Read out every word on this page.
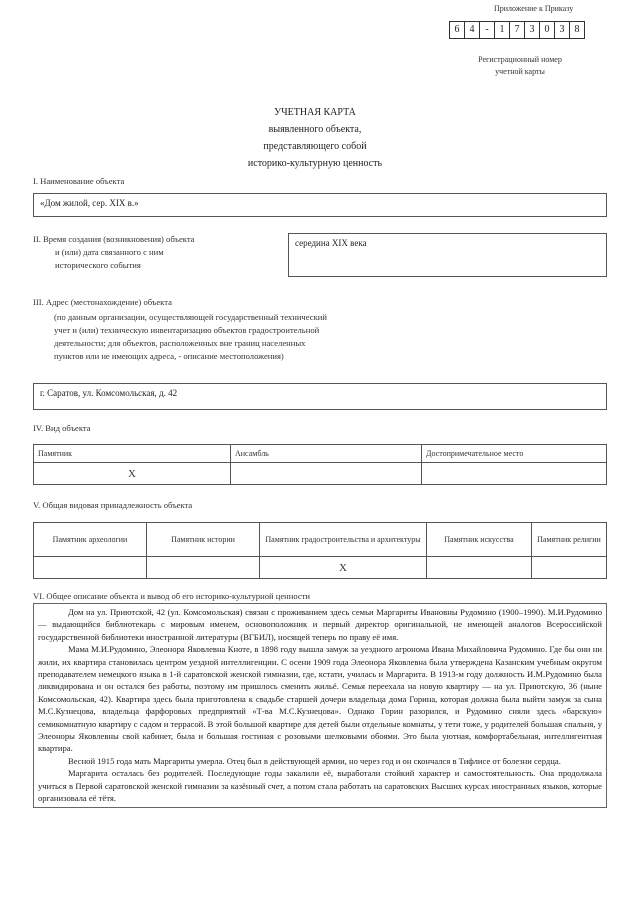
Приложение к Приказу
6	4	-	1	7	3	0	3	8
Регистрационный номер
учетной карты
УЧЕТНАЯ КАРТА
выявленного объекта,
представляющего собой
историко-культурную ценность
I. Наименование объекта
«Дом жилой, сер. XIX в.»
II. Время создания (возникновения) объекта
и (или) дата связанного с ним
исторического события
середина XIX века
III. Адрес (местонахождение) объекта
(по данным организации, осуществляющей государственный технический
учет и (или) техническую инвентаризацию объектов градостроительной
деятельности; для объектов, расположенных вне границ населенных
пунктов или не имеющих адреса, - описание местоположения)
г. Саратов, ул. Комсомольская, д. 42
IV. Вид объекта
Памятник	Ансамбль	Достопримечательное место
X		
V. Общая видовая принадлежность объекта
Памятник археологии	Памятник истории	Памятник градостроительства и архитектуры	Памятник искусства	Памятник религии
		X		
VI. Общее описание объекта и вывод об его историко-культурной ценности

Дом на ул. Приютской, 42 (ул. Комсомольская) связан с проживанием здесь семьи Маргариты Ивановны Рудомино (1900–1990). М.И.Рудомино — выдающийся библиотекарь с мировым именем, основоположник и первый директор оригинальной, не имеющей аналогов Всероссийской государственной библиотеки иностранной литературы (ВГБИЛ), носящей теперь по праву её имя.

Мама М.И.Рудомино, Элеонора Яковлевна Кноте, в 1898 году вышла замуж за уездного агронома Ивана Михайловича Рудомино. Где бы они ни жили, их квартира становилась центром уездной интеллигенции. С осени 1909 года Элеонора Яковлевна была утверждена Казанским учебным округом преподавателем немецкого языка в 1-й саратовской женской гимназии, где, кстати, училась и Маргарита. В 1913-м году должность И.М.Рудомино была ликвидирована и он остался без работы, поэтому им пришлось сменить жильё. Семья переехала на новую квартиру — на ул. Приютскую, 36 (ныне Комсомольская, 42). Квартира здесь была приготовлена к свадьбе старшей дочери владельца дома Горина, которая должна была выйти замуж за сына М.С.Кузнецова, владельца фарфоровых предприятий «Т-ва М.С.Кузнецова». Однако Горин разорился, и Рудомино сняли здесь «барскую» семикомнатную квартиру с садом и террасой. В этой большой квартире для детей были отдельные комнаты, у тети тоже, у родителей большая спальня, у Элеоноры Яковлевны свой кабинет, была и большая гостиная с розовыми шелковыми обоями. Это была уютная, комфортабельная, интеллигентная квартира.

Весной 1915 года мать Маргариты умерла. Отец был в действующей армии, но через год и он скончался в Тифлисе от болезни сердца.

Маргарита осталась без родителей. Последующие годы закалили её, выработали стойкий характер и самостоятельность. Она продолжала учиться в Первой саратовской женской гимназии за казённый счет, а потом стала работать на саратовских Высших курсах иностранных языков, которые организовала её тётя.
